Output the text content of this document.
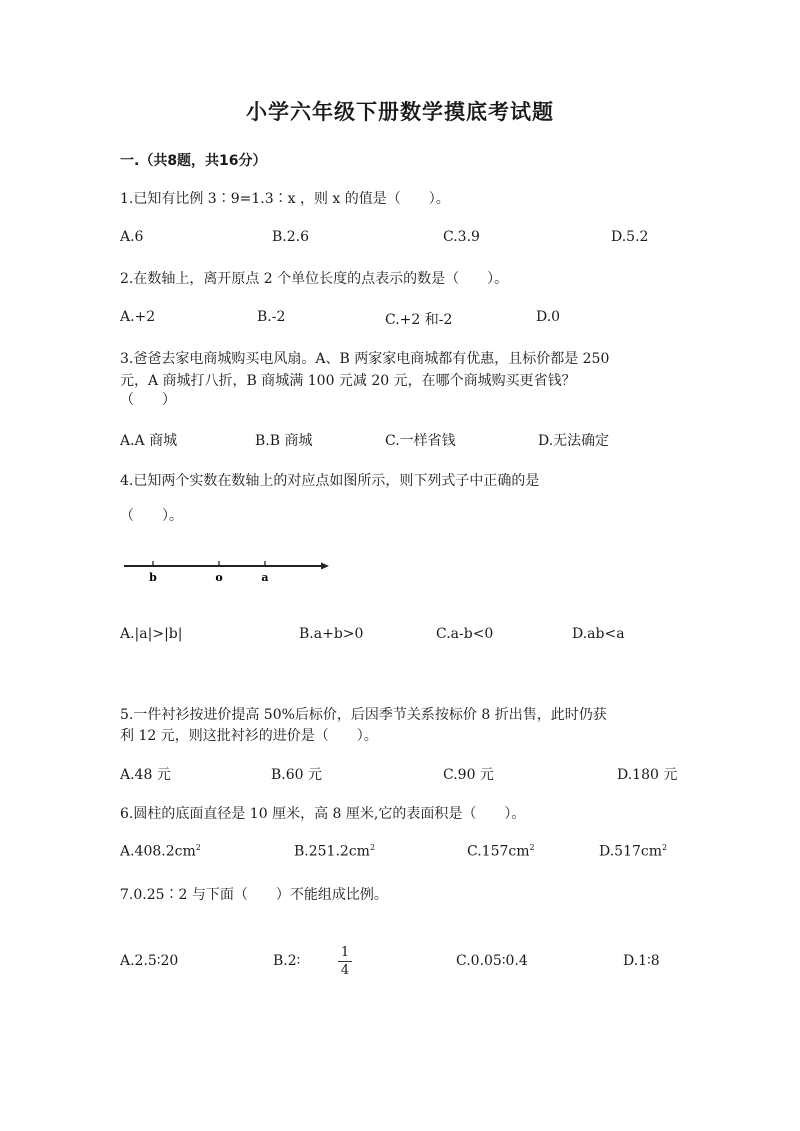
小学六年级下册数学摸底考试题
一.（共8题，共16分）
1.已知有比例 3∶9=1.3∶x ，则 x 的值是（　　）。
A.6	B.2.6	C.3.9	D.5.2
2.在数轴上，离开原点 2 个单位长度的点表示的数是（　　）。
A.+2	B.-2	C.+2 和-2	D.0
3.爸爸去家电商城购买电风扇。A、B 两家家电商城都有优惠，且标价都是 250
元，A 商城打八折，B 商城满 100 元减 20 元，在哪个商城购买更省钱？
（　　）
A.A 商城	B.B 商城	C.一样省钱	D.无法确定
4.已知两个实数在数轴上的对应点如图所示，则下列式子中正确的是
（　　）。
b	o	a
A.|a|>|b|	B.a+b>0	C.a-b<0	D.ab<a
5.一件衬衫按进价提高 50%后标价，后因季节关系按标价 8 折出售，此时仍获
利 12 元，则这批衬衫的进价是（　　）。
A.48 元	B.60 元	C.90 元	D.180 元
6.圆柱的底面直径是 10 厘米，高 8 厘米,它的表面积是（　　）。
$A.408.2cm^2$	$B.251.2cm^2$	$C.157cm^2$	$D.517cm^2$
7.0.25∶2 与下面（　　）不能组成比例。
A.2.5∶20	B.2∶
1
4
C.0.05∶0.4	D.1∶8
